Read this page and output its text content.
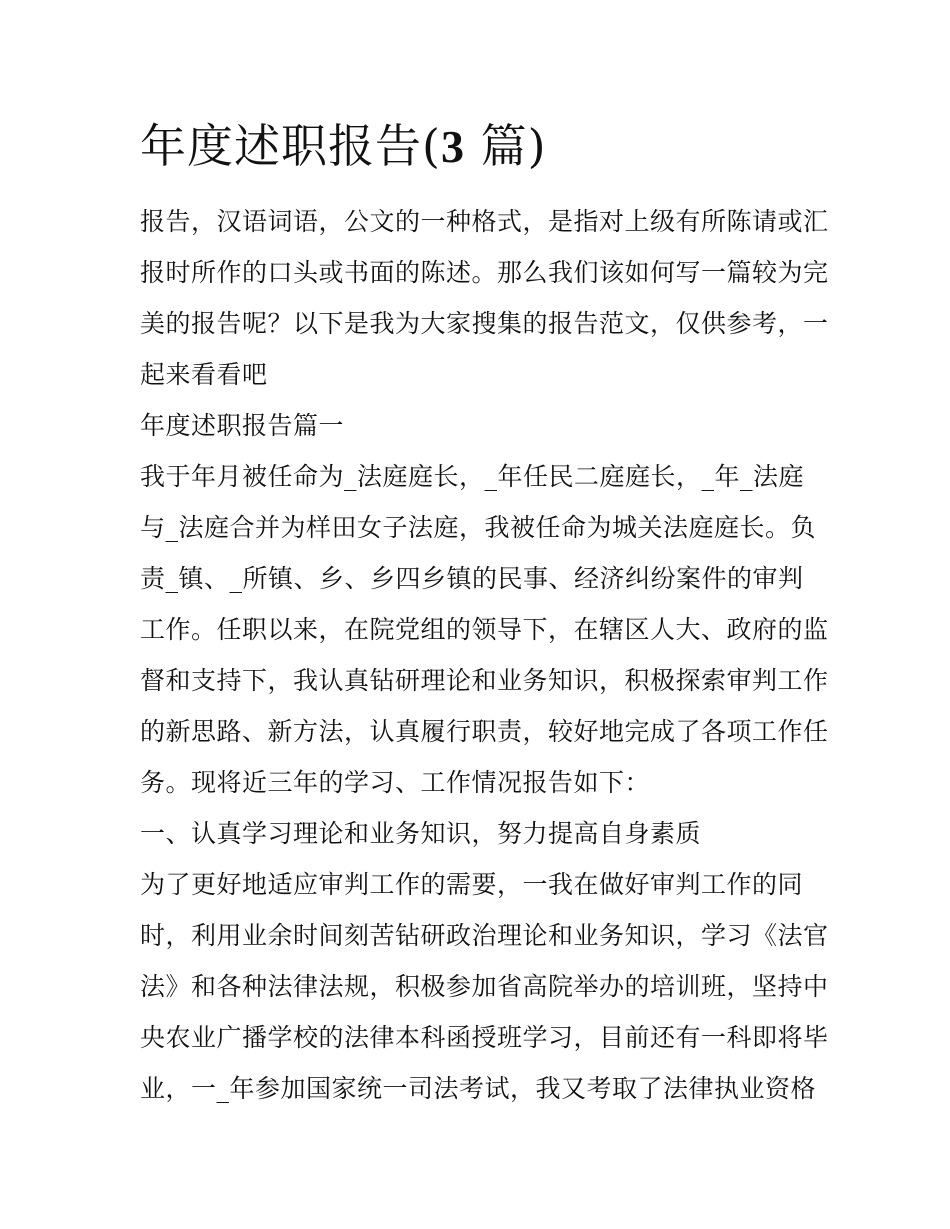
年度述职报告(3 篇)
报告，汉语词语，公文的一种格式，是指对上级有所陈请或汇
报时所作的口头或书面的陈述。那么我们该如何写一篇较为完
美的报告呢？以下是我为大家搜集的报告范文，仅供参考，一
起来看看吧
年度述职报告篇一
我于年月被任命为_法庭庭长，_年任民二庭庭长，_年_法庭
与_法庭合并为样田女子法庭，我被任命为城关法庭庭长。负
责_镇、_所镇、乡、乡四乡镇的民事、经济纠纷案件的审判
工作。任职以来，在院党组的领导下，在辖区人大、政府的监
督和支持下，我认真钻研理论和业务知识，积极探索审判工作
的新思路、新方法，认真履行职责，较好地完成了各项工作任
务。现将近三年的学习、工作情况报告如下：
一、认真学习理论和业务知识，努力提高自身素质
为了更好地适应审判工作的需要，一我在做好审判工作的同
时，利用业余时间刻苦钻研政治理论和业务知识，学习《法官
法》和各种法律法规，积极参加省高院举办的培训班，坚持中
央农业广播学校的法律本科函授班学习，目前还有一科即将毕
业，一_年参加国家统一司法考试，我又考取了法律执业资格
